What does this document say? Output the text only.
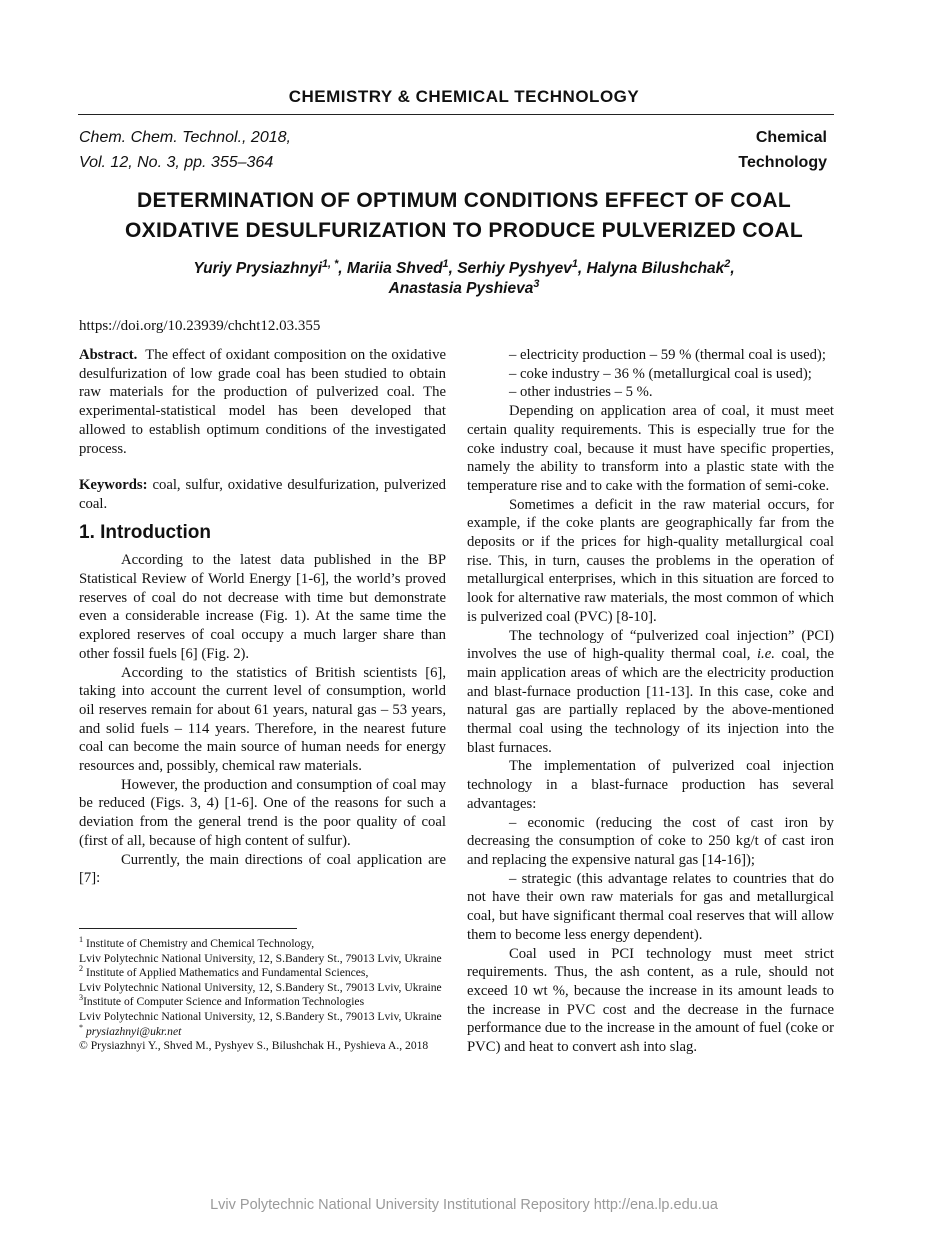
CHEMISTRY & CHEMICAL TECHNOLOGY
Chem. Chem. Technol., 2018,
Vol. 12, No. 3, pp. 355–364
Chemical
Technology
DETERMINATION OF OPTIMUM CONDITIONS EFFECT OF COAL
OXIDATIVE DESULFURIZATION TO PRODUCE PULVERIZED COAL
Yuriy Prysiazhnyi$^{1, *}$, Mariia Shved$^1$, Serhiy Pyshyev$^1$, Halyna Bilushchak$^2$,
Anastasia Pyshieva$^3$
https://doi.org/10.23939/chcht12.03.355

Abstract. The effect of oxidant composition on the oxidative desulfurization of low grade coal has been studied to obtain raw materials for the production of pulverized coal. The experimental-statistical model has been developed that allowed to establish optimum conditions of the investigated process.

Keywords: coal, sulfur, oxidative desulfurization, pulverized coal.

1. Introduction

According to the latest data published in the BP Statistical Review of World Energy [1-6], the world’s proved reserves of coal do not decrease with time but demonstrate even a considerable increase (Fig. 1). At the same time the explored reserves of coal occupy a much larger share than other fossil fuels [6] (Fig. 2).

According to the statistics of British scientists [6], taking into account the current level of consumption, world oil reserves remain for about 61 years, natural gas – 53 years, and solid fuels – 114 years. Therefore, in the nearest future coal can become the main source of human needs for energy resources and, possibly, chemical raw materials.

However, the production and consumption of coal may be reduced (Figs. 3, 4) [1-6]. One of the reasons for such a deviation from the general trend is the poor quality of coal (first of all, because of high content of sulfur).

Currently, the main directions of coal application are [7]:

– electricity production – 59 % (thermal coal is used);

– coke industry – 36 % (metallurgical coal is used);

– other industries – 5 %.

Depending on application area of coal, it must meet certain quality requirements. This is especially true for the coke industry coal, because it must have specific properties, namely the ability to transform into a plastic state with the temperature rise and to cake with the formation of semi-coke.

Sometimes a deficit in the raw material occurs, for example, if the coke plants are geographically far from the deposits or if the prices for high-quality metallurgical coal rise. This, in turn, causes the problems in the operation of metallurgical enterprises, which in this situation are forced to look for alternative raw materials, the most common of which is pulverized coal (PVC) [8-10].

The technology of “pulverized coal injection” (PCI) involves the use of high-quality thermal coal, i.e. coal, the main application areas of which are the electricity production and blast-furnace production [11-13]. In this case, coke and natural gas are partially replaced by the above-mentioned thermal coal using the technology of its injection into the blast furnaces.

The implementation of pulverized coal injection technology in a blast-furnace production has several advantages:

– economic (reducing the cost of cast iron by decreasing the consumption of coke to 250 kg/t of cast iron and replacing the expensive natural gas [14-16]);

– strategic (this advantage relates to countries that do not have their own raw materials for gas and metallurgical coal, but have significant thermal coal reserves that will allow them to become less energy dependent).

Coal used in PCI technology must meet strict requirements. Thus, the ash content, as a rule, should not exceed 10 wt %, because the increase in its amount leads to the increase in PVC cost and the decrease in the furnace performance due to the increase in the amount of fuel (coke or PVC) and heat to convert ash into slag.

$^1$ Institute of Chemistry and Chemical Technology,

Lviv Polytechnic National University, 12, S.Bandery St., 79013 Lviv, Ukraine

$^2$ Institute of Applied Mathematics and Fundamental Sciences,

Lviv Polytechnic National University, 12, S.Bandery St., 79013 Lviv, Ukraine

$^3$Institute of Computer Science and Information Technologies

Lviv Polytechnic National University, 12, S.Bandery St., 79013 Lviv, Ukraine

* prysiazhnyi@ukr.net

© Prysiazhnyi Y., Shved M., Pyshyev S., Bilushchak H., Pyshieva A., 2018

Lviv Polytechnic National University Institutional Repository http://ena.lp.edu.ua
